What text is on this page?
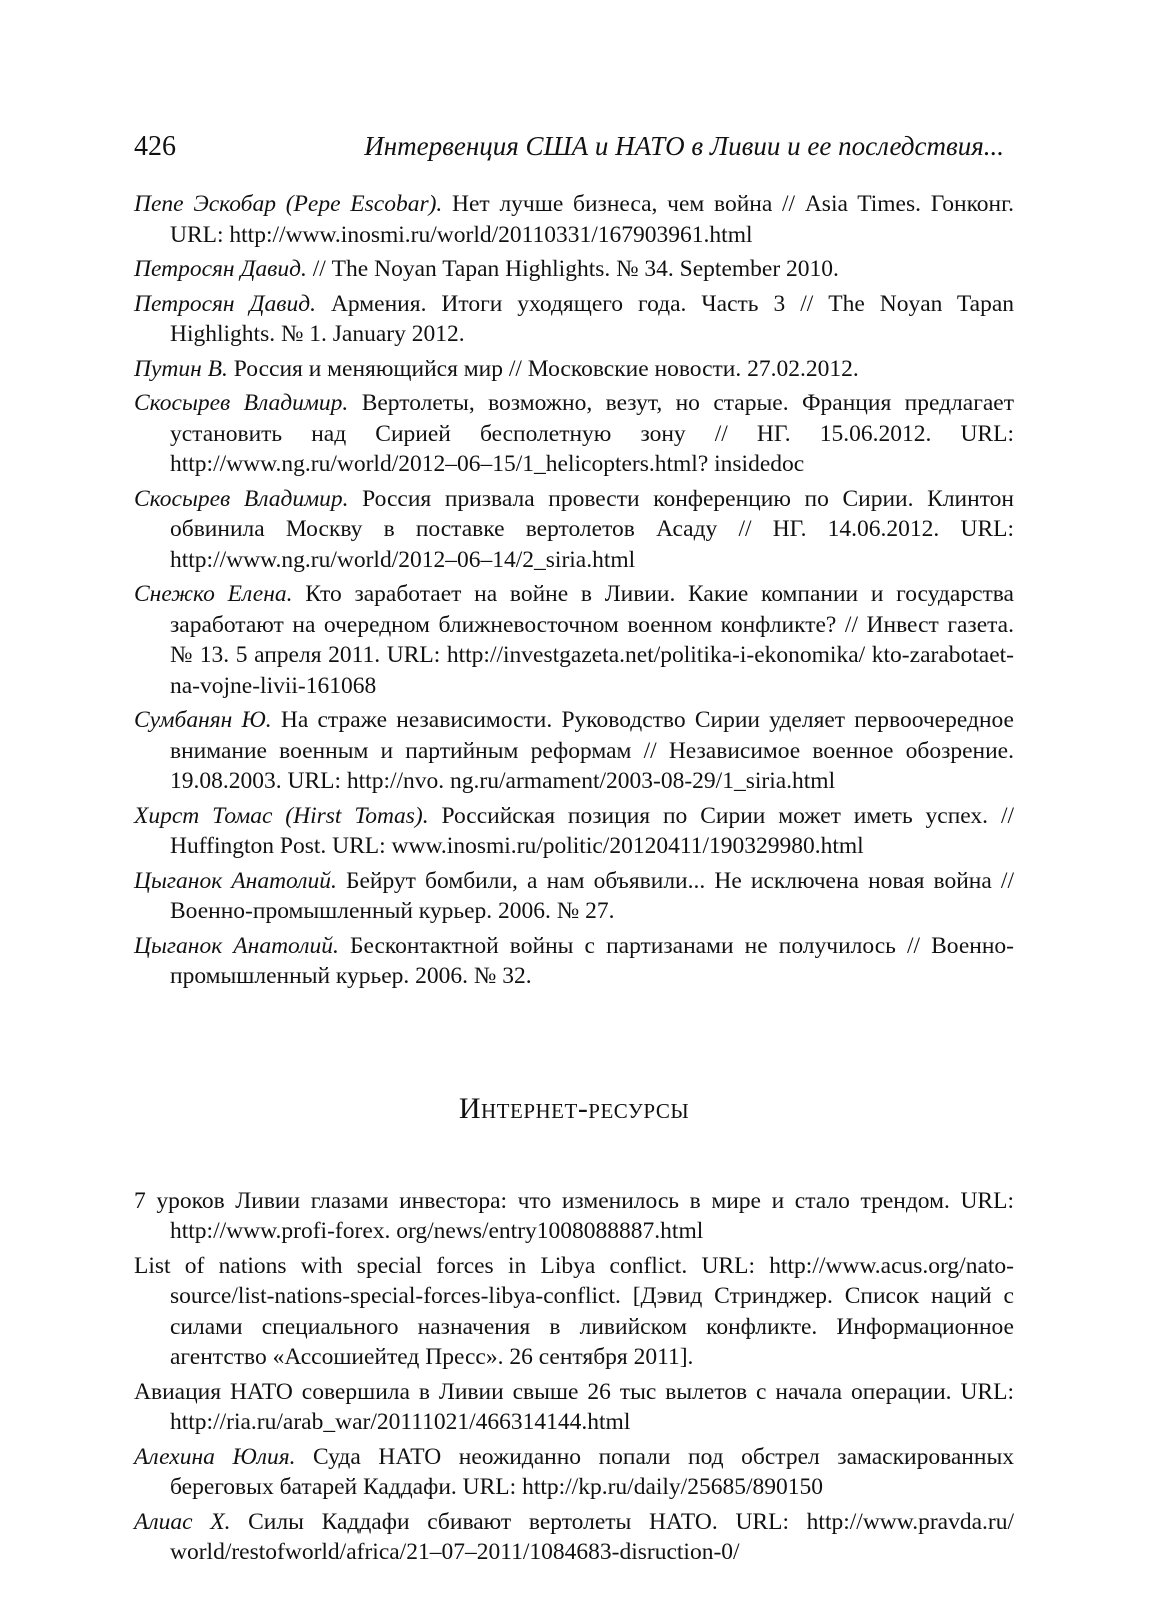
426	Интервенция США и НАТО в Ливии и ее последствия...

Пепе Эскобар (Pepe Escobar). Нет лучше бизнеса, чем война // Asia Times. Гонконг. URL: http://www.inosmi.ru/world/20110331/167903961.html

Петросян Давид. // The Noyan Tapan Highlights. № 34. September 2010.

Петросян Давид. Армения. Итоги уходящего года. Часть 3 // The Noyan Tapan Highlights. № 1. January 2012.

Путин В. Россия и меняющийся мир // Московские новости. 27.02.2012.

Скосырев Владимир. Вертолеты, возможно, везут, но старые. Франция предлагает установить над Сирией бесполетную зону // НГ. 15.06.2012. URL: http://www.ng.ru/world/2012–06–15/1_helicopters.html? insidedoc

Скосырев Владимир. Россия призвала провести конференцию по Сирии. Клинтон обвинила Москву в поставке вертолетов Асаду // НГ. 14.06.2012. URL: http://www.ng.ru/world/2012–06–14/2_siria.html

Снежко Елена. Кто заработает на войне в Ливии. Какие компании и государства заработают на очередном ближневосточном военном конфликте? // Инвест газета. № 13. 5 апреля 2011. URL: http://investgazeta.net/politika-i-ekonomika/ kto-zarabotaet-na-vojne-livii-161068

Сумбанян Ю. На страже независимости. Руководство Сирии уделяет первоочередное внимание военным и партийным реформам // Независимое военное обозрение. 19.08.2003. URL: http://nvo. ng.ru/armament/2003-08-29/1_siria.html

Хирст Томас (Hirst Tomas). Российская позиция по Сирии может иметь успех. // Huffington Post. URL: www.inosmi.ru/politic/20120411/190329980.html

Цыганок Анатолий. Бейрут бомбили, а нам объявили... Не исключена новая война // Военно-промышленный курьер. 2006. № 27.

Цыганок Анатолий. Бесконтактной войны с партизанами не получилось // Военно-промышленный курьер. 2006. № 32.

Интернет-ресурсы

7 уроков Ливии глазами инвестора: что изменилось в мире и стало трендом. URL: http://www.profi-forex. org/news/entry1008088887.html

List of nations with special forces in Libya conflict. URL: http://www.acus.org/nato-source/list-nations-special-forces-libya-conflict. [Дэвид Стринджер. Список наций с силами специального назначения в ливийском конфликте. Информационное агентство «Ассошиейтед Пресс». 26 сентября 2011].

Авиация НАТО совершила в Ливии свыше 26 тыс вылетов с начала операции. URL: http://ria.ru/arab_war/20111021/466314144.html

Алехина Юлия. Суда НАТО неожиданно попали под обстрел замаскированных береговых батарей Каддафи. URL: http://kp.ru/daily/25685/890150

Алиас Х. Силы Каддафи сбивают вертолеты НАТО. URL: http://www.pravda.ru/ world/restofworld/africa/21–07–2011/1084683-disruction-0/
